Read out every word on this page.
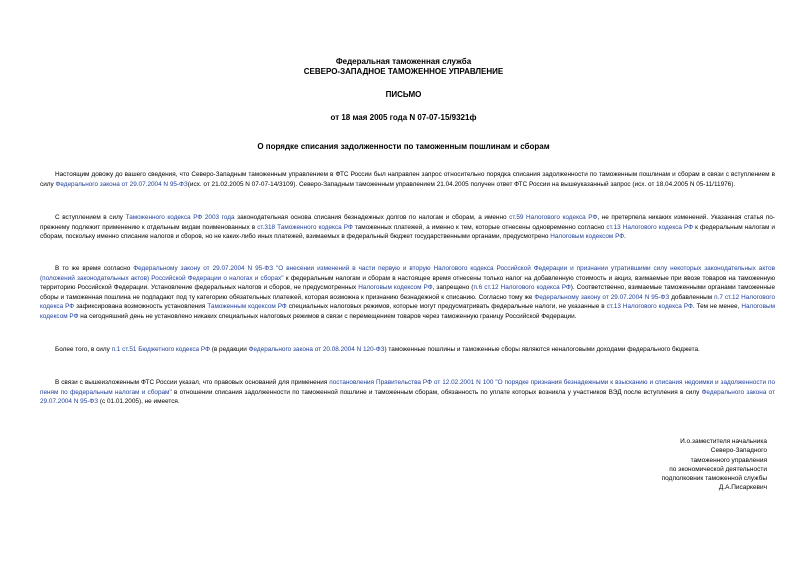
Федеральная таможенная служба
СЕВЕРО-ЗАПАДНОЕ ТАМОЖЕННОЕ УПРАВЛЕНИЕ
ПИСЬМО
от 18 мая 2005 года N 07-07-15/9321ф
О порядке списания задолженности по таможенным пошлинам и сборам

Настоящим довожу до вашего сведения, что Северо-Западным таможенным управлением в ФТС России был направлен запрос относительно порядка списания задолженности по таможенным пошлинам и сборам в связи с вступлением в силу Федерального закона от 29.07.2004 N 95-ФЗ(исх. от 21.02.2005 N 07-07-14/3109). Северо-Западным таможенным управлением 21.04.2005 получен ответ ФТС России на вышеуказанный запрос (исх. от 18.04.2005 N 05-11/11976).

С вступлением в силу Таможенного кодекса РФ 2003 года законодательная основа списания безнадежных долгов по налогам и сборам, а именно ст.59 Налогового кодекса РФ, не претерпела никаких изменений. Указанная статья по-прежнему подлежит применению к отдельным видам поименованных в ст.318 Таможенного кодекса РФ таможенных платежей, а именно к тем, которые отнесены одновременно согласно ст.13 Налогового кодекса РФ к федеральным налогам и сборам, поскольку именно списание налогов и сборов, но не каких-либо иных платежей, взимаемых в федеральный бюджет государственными органами, предусмотрено Налоговым кодексом РФ.

В то же время согласно Федеральному закону от 29.07.2004 N 95-ФЗ "О внесении изменений в части первую и вторую Налогового кодекса Российской Федерации и признании утратившими силу некоторых законодательных актов (положений законодательных актов) Российской Федерации о налогах и сборах" к федеральным налогам и сборам в настоящее время отнесены только налог на добавленную стоимость и акциз, взимаемые при ввозе товаров на таможенную территорию Российской Федерации. Установление федеральных налогов и сборов, не предусмотренных Налоговым кодексом РФ, запрещено (п.6 ст.12 Налогового кодекса РФ). Соответственно, взимаемые таможенными органами таможенные сборы и таможенная пошлина не подпадают под ту категорию обязательных платежей, которая возможна к признанию безнадежной к списанию. Согласно тому же Федеральному закону от 29.07.2004 N 95-ФЗ добавленным п.7 ст.12 Налогового кодекса РФ зафиксирована возможность установления Таможенным кодексом РФ специальных налоговых режимов, которые могут предусматривать федеральные налоги, не указанные в ст.13 Налогового кодекса РФ. Тем не менее, Налоговым кодексом РФ на сегодняшний день не установлено никаких специальных налоговых режимов в связи с перемещением товаров через таможенную границу Российской Федерации.

Более того, в силу п.1 ст.51 Бюджетного кодекса РФ (в редакции Федерального закона от 20.08.2004 N 120-ФЗ) таможенные пошлины и таможенные сборы являются неналоговыми доходами федерального бюджета.

В связи с вышеизложенным ФТС России указал, что правовых оснований для применения постановления Правительства РФ от 12.02.2001 N 100 "О порядке признания безнадежными к взысканию и списания недоимки и задолженности по пеням по федеральным налогам и сборам" в отношении списания задолженности по таможенной пошлине и таможенным сборам, обязанность по уплате которых возникла у участников ВЭД после вступления в силу Федерального закона от 29.07.2004 N 95-ФЗ (с 01.01.2005), не имеется.

И.о.заместителя начальника
Северо-Западного
таможенного управления
по экономической деятельности
подполковник таможенной службы
Д.А.Писаркевич
